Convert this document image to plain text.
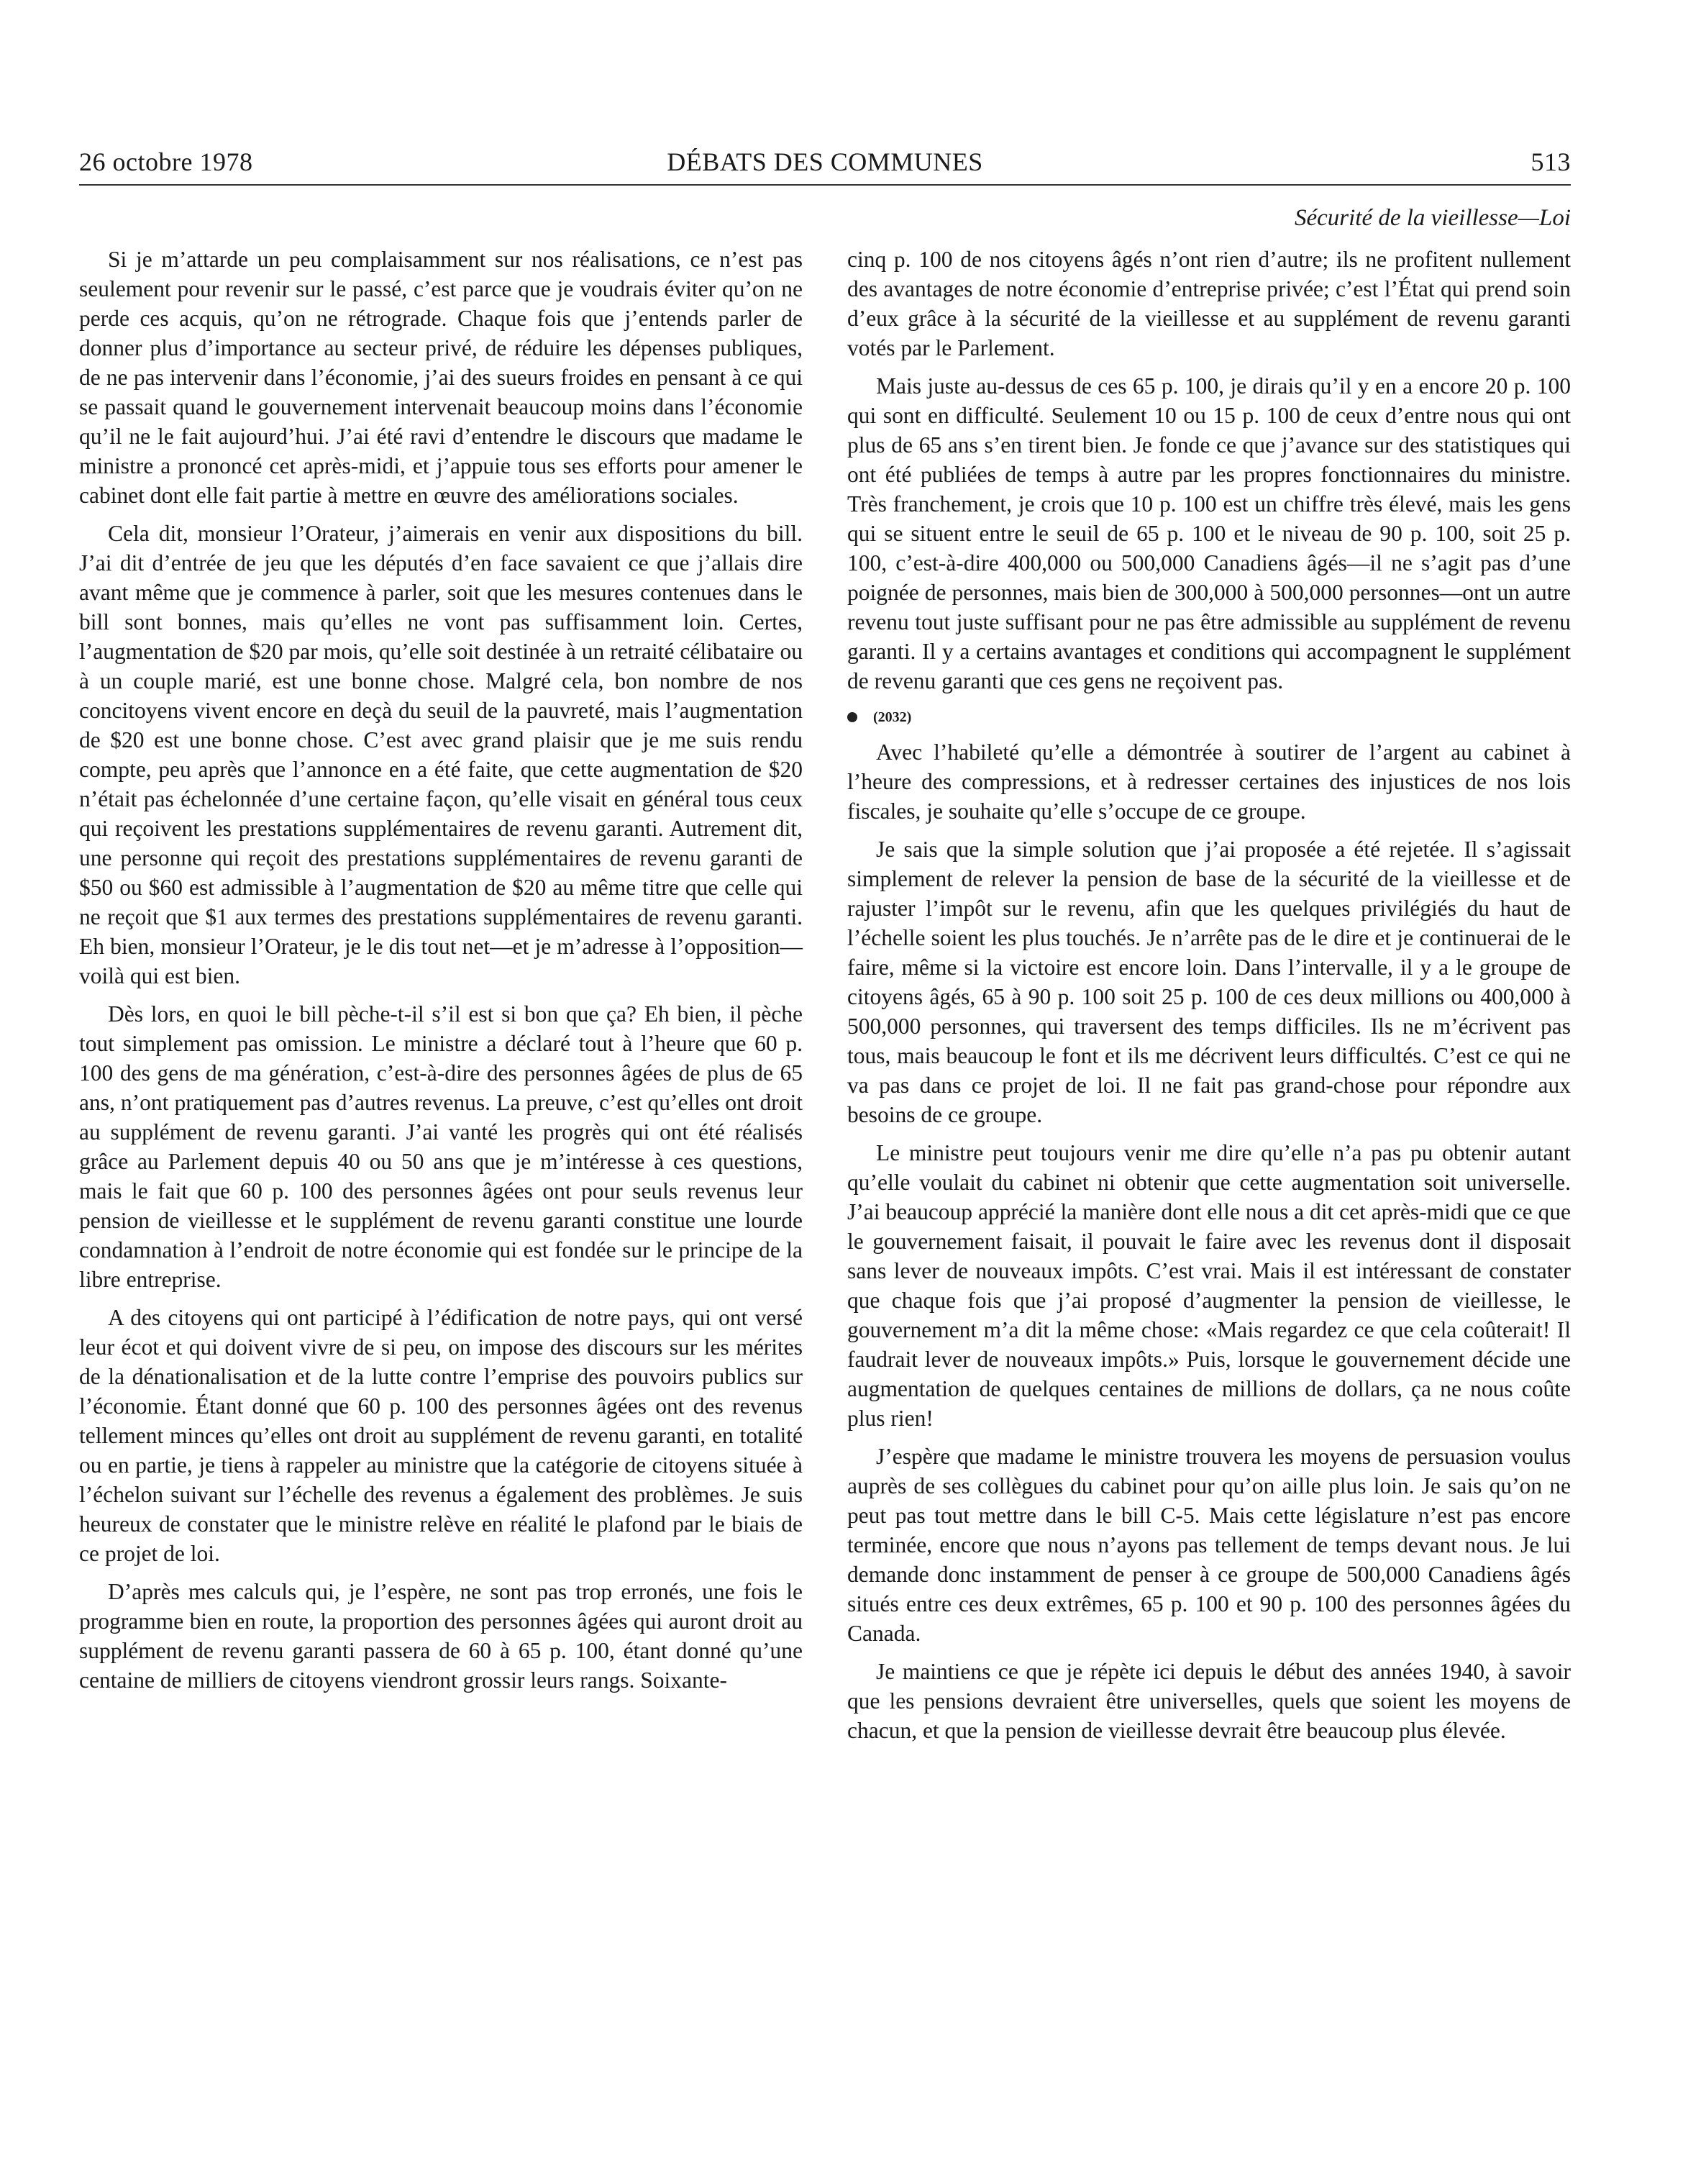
26 octobre 1978	DÉBATS DES COMMUNES	513
Sécurité de la vieillesse—Loi

Si je m’attarde un peu complaisamment sur nos réalisations, ce n’est pas seulement pour revenir sur le passé, c’est parce que je voudrais éviter qu’on ne perde ces acquis, qu’on ne rétrograde. Chaque fois que j’entends parler de donner plus d’importance au secteur privé, de réduire les dépenses publiques, de ne pas intervenir dans l’économie, j’ai des sueurs froides en pensant à ce qui se passait quand le gouvernement intervenait beaucoup moins dans l’économie qu’il ne le fait aujourd’hui. J’ai été ravi d’entendre le discours que madame le ministre a prononcé cet après-midi, et j’appuie tous ses efforts pour amener le cabinet dont elle fait partie à mettre en œuvre des améliorations sociales.

Cela dit, monsieur l’Orateur, j’aimerais en venir aux dispositions du bill. J’ai dit d’entrée de jeu que les députés d’en face savaient ce que j’allais dire avant même que je commence à parler, soit que les mesures contenues dans le bill sont bonnes, mais qu’elles ne vont pas suffisamment loin. Certes, l’augmentation de $20 par mois, qu’elle soit destinée à un retraité célibataire ou à un couple marié, est une bonne chose. Malgré cela, bon nombre de nos concitoyens vivent encore en deçà du seuil de la pauvreté, mais l’augmentation de $20 est une bonne chose. C’est avec grand plaisir que je me suis rendu compte, peu après que l’annonce en a été faite, que cette augmentation de $20 n’était pas échelonnée d’une certaine façon, qu’elle visait en général tous ceux qui reçoivent les prestations supplémentaires de revenu garanti. Autrement dit, une personne qui reçoit des prestations supplémentaires de revenu garanti de $50 ou $60 est admissible à l’augmentation de $20 au même titre que celle qui ne reçoit que $1 aux termes des prestations supplémentaires de revenu garanti. Eh bien, monsieur l’Orateur, je le dis tout net—et je m’adresse à l’opposition—voilà qui est bien.

Dès lors, en quoi le bill pèche-t-il s’il est si bon que ça? Eh bien, il pèche tout simplement pas omission. Le ministre a déclaré tout à l’heure que 60 p. 100 des gens de ma génération, c’est-à-dire des personnes âgées de plus de 65 ans, n’ont pratiquement pas d’autres revenus. La preuve, c’est qu’elles ont droit au supplément de revenu garanti. J’ai vanté les progrès qui ont été réalisés grâce au Parlement depuis 40 ou 50 ans que je m’intéresse à ces questions, mais le fait que 60 p. 100 des personnes âgées ont pour seuls revenus leur pension de vieillesse et le supplément de revenu garanti constitue une lourde condamnation à l’endroit de notre économie qui est fondée sur le principe de la libre entreprise.

A des citoyens qui ont participé à l’édification de notre pays, qui ont versé leur écot et qui doivent vivre de si peu, on impose des discours sur les mérites de la dénationalisation et de la lutte contre l’emprise des pouvoirs publics sur l’économie. Étant donné que 60 p. 100 des personnes âgées ont des revenus tellement minces qu’elles ont droit au supplément de revenu garanti, en totalité ou en partie, je tiens à rappeler au ministre que la catégorie de citoyens située à l’échelon suivant sur l’échelle des revenus a également des problèmes. Je suis heureux de constater que le ministre relève en réalité le plafond par le biais de ce projet de loi.

D’après mes calculs qui, je l’espère, ne sont pas trop erronés, une fois le programme bien en route, la proportion des personnes âgées qui auront droit au supplément de revenu garanti passera de 60 à 65 p. 100, étant donné qu’une centaine de milliers de citoyens viendront grossir leurs rangs. Soixante-

cinq p. 100 de nos citoyens âgés n’ont rien d’autre; ils ne profitent nullement des avantages de notre économie d’entreprise privée; c’est l’État qui prend soin d’eux grâce à la sécurité de la vieillesse et au supplément de revenu garanti votés par le Parlement.

Mais juste au-dessus de ces 65 p. 100, je dirais qu’il y en a encore 20 p. 100 qui sont en difficulté. Seulement 10 ou 15 p. 100 de ceux d’entre nous qui ont plus de 65 ans s’en tirent bien. Je fonde ce que j’avance sur des statistiques qui ont été publiées de temps à autre par les propres fonctionnaires du ministre. Très franchement, je crois que 10 p. 100 est un chiffre très élevé, mais les gens qui se situent entre le seuil de 65 p. 100 et le niveau de 90 p. 100, soit 25 p. 100, c’est-à-dire 400,000 ou 500,000 Canadiens âgés—il ne s’agit pas d’une poignée de personnes, mais bien de 300,000 à 500,000 personnes—ont un autre revenu tout juste suffisant pour ne pas être admissible au supplément de revenu garanti. Il y a certains avantages et conditions qui accompagnent le supplément de revenu garanti que ces gens ne reçoivent pas.

(2032)

Avec l’habileté qu’elle a démontrée à soutirer de l’argent au cabinet à l’heure des compressions, et à redresser certaines des injustices de nos lois fiscales, je souhaite qu’elle s’occupe de ce groupe.

Je sais que la simple solution que j’ai proposée a été rejetée. Il s’agissait simplement de relever la pension de base de la sécurité de la vieillesse et de rajuster l’impôt sur le revenu, afin que les quelques privilégiés du haut de l’échelle soient les plus touchés. Je n’arrête pas de le dire et je continuerai de le faire, même si la victoire est encore loin. Dans l’intervalle, il y a le groupe de citoyens âgés, 65 à 90 p. 100 soit 25 p. 100 de ces deux millions ou 400,000 à 500,000 personnes, qui traversent des temps difficiles. Ils ne m’écrivent pas tous, mais beaucoup le font et ils me décrivent leurs difficultés. C’est ce qui ne va pas dans ce projet de loi. Il ne fait pas grand-chose pour répondre aux besoins de ce groupe.

Le ministre peut toujours venir me dire qu’elle n’a pas pu obtenir autant qu’elle voulait du cabinet ni obtenir que cette augmentation soit universelle. J’ai beaucoup apprécié la manière dont elle nous a dit cet après-midi que ce que le gouvernement faisait, il pouvait le faire avec les revenus dont il disposait sans lever de nouveaux impôts. C’est vrai. Mais il est intéressant de constater que chaque fois que j’ai proposé d’augmenter la pension de vieillesse, le gouvernement m’a dit la même chose: «Mais regardez ce que cela coûterait! Il faudrait lever de nouveaux impôts.» Puis, lorsque le gouvernement décide une augmentation de quelques centaines de millions de dollars, ça ne nous coûte plus rien!

J’espère que madame le ministre trouvera les moyens de persuasion voulus auprès de ses collègues du cabinet pour qu’on aille plus loin. Je sais qu’on ne peut pas tout mettre dans le bill C-5. Mais cette législature n’est pas encore terminée, encore que nous n’ayons pas tellement de temps devant nous. Je lui demande donc instamment de penser à ce groupe de 500,000 Canadiens âgés situés entre ces deux extrêmes, 65 p. 100 et 90 p. 100 des personnes âgées du Canada.

Je maintiens ce que je répète ici depuis le début des années 1940, à savoir que les pensions devraient être universelles, quels que soient les moyens de chacun, et que la pension de vieillesse devrait être beaucoup plus élevée.
